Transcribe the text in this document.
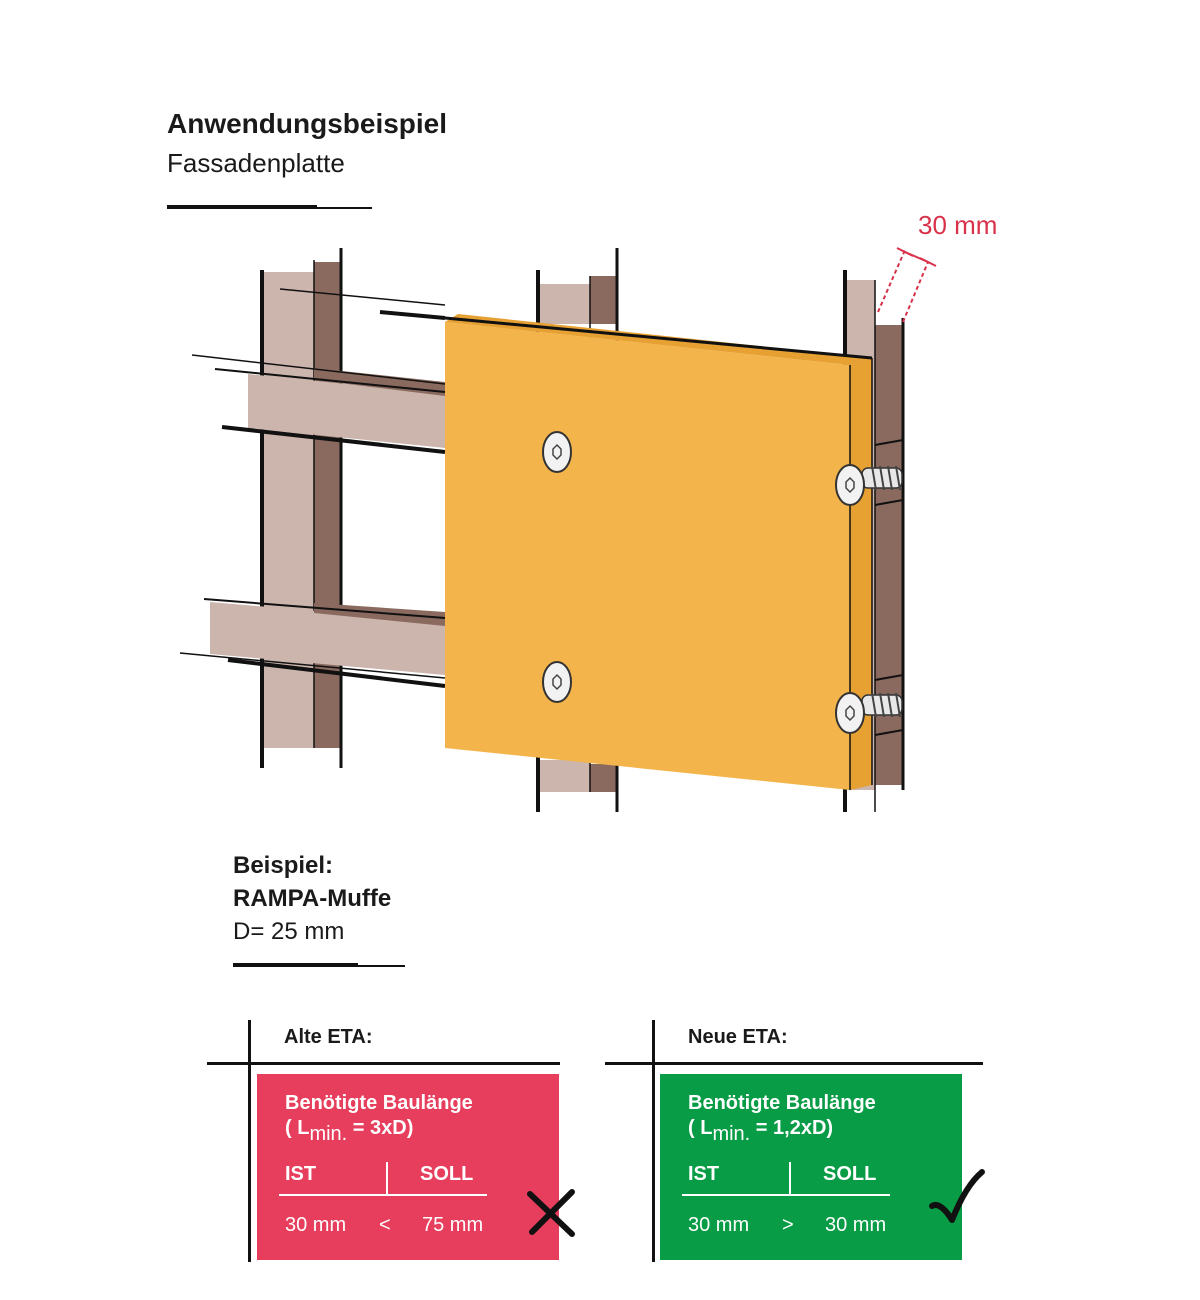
Anwendungsbeispiel
Fassadenplatte
30 mm
Beispiel:
RAMPA-Muffe
D= 25 mm
Alte ETA:
Benötigte Baulänge
( $L_{min.} = 3xD$)
IST	SOLL
30 mm < 75 mm
Neue ETA:
Benötigte Baulänge
( $L_{min.} = 1,2xD$)
IST	SOLL
30 mm > 30 mm
